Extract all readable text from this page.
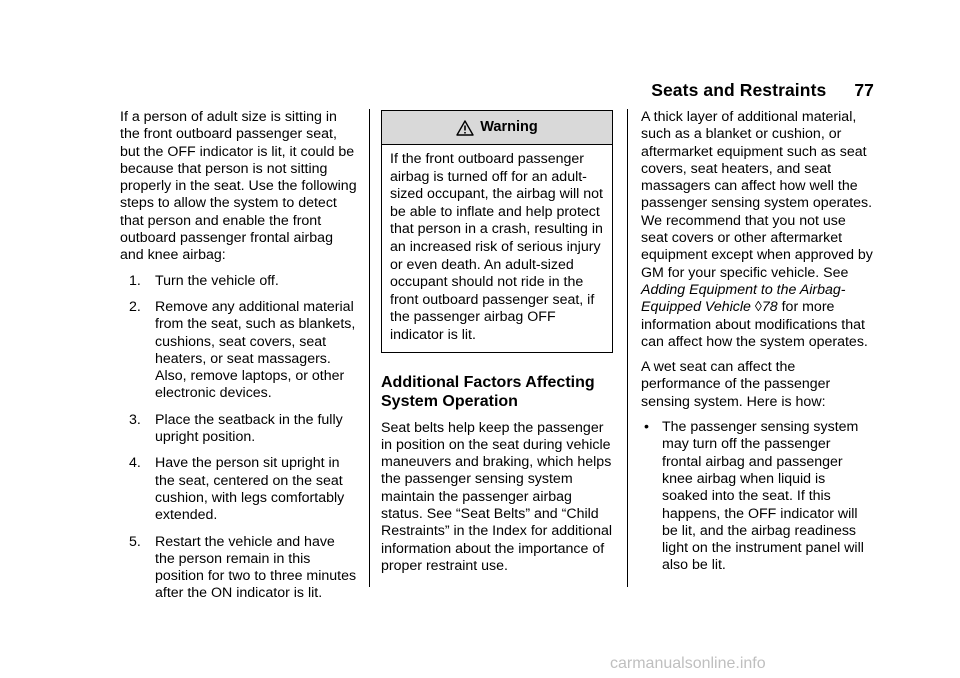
Seats and Restraints 77

If a person of adult size is sitting in the front outboard passenger seat, but the OFF indicator is lit, it could be because that person is not sitting properly in the seat. Use the following steps to allow the system to detect that person and enable the front outboard passenger frontal airbag and knee airbag:

1. Turn the vehicle off.
2. Remove any additional material from the seat, such as blankets, cushions, seat covers, seat heaters, or seat massagers. Also, remove laptops, or other electronic devices.
3. Place the seatback in the fully upright position.
4. Have the person sit upright in the seat, centered on the seat cushion, with legs comfortably extended.
5. Restart the vehicle and have the person remain in this position for two to three minutes after the ON indicator is lit.
Warning
If the front outboard passenger airbag is turned off for an adult-sized occupant, the airbag will not be able to inflate and help protect that person in a crash, resulting in an increased risk of serious injury or even death. An adult-sized occupant should not ride in the front outboard passenger seat, if the passenger airbag OFF indicator is lit.
Additional Factors Affecting System Operation

Seat belts help keep the passenger in position on the seat during vehicle maneuvers and braking, which helps the passenger sensing system maintain the passenger airbag status. See “Seat Belts” and “Child Restraints” in the Index for additional information about the importance of proper restraint use.

A thick layer of additional material, such as a blanket or cushion, or aftermarket equipment such as seat covers, seat heaters, and seat massagers can affect how well the passenger sensing system operates. We recommend that you not use seat covers or other aftermarket equipment except when approved by GM for your specific vehicle. See Adding Equipment to the Airbag-Equipped Vehicle ◊78 for more information about modifications that can affect how the system operates.

A wet seat can affect the performance of the passenger sensing system. Here is how:

• The passenger sensing system may turn off the passenger frontal airbag and passenger knee airbag when liquid is soaked into the seat. If this happens, the OFF indicator will be lit, and the airbag readiness light on the instrument panel will also be lit.
carmanualsonline.info
